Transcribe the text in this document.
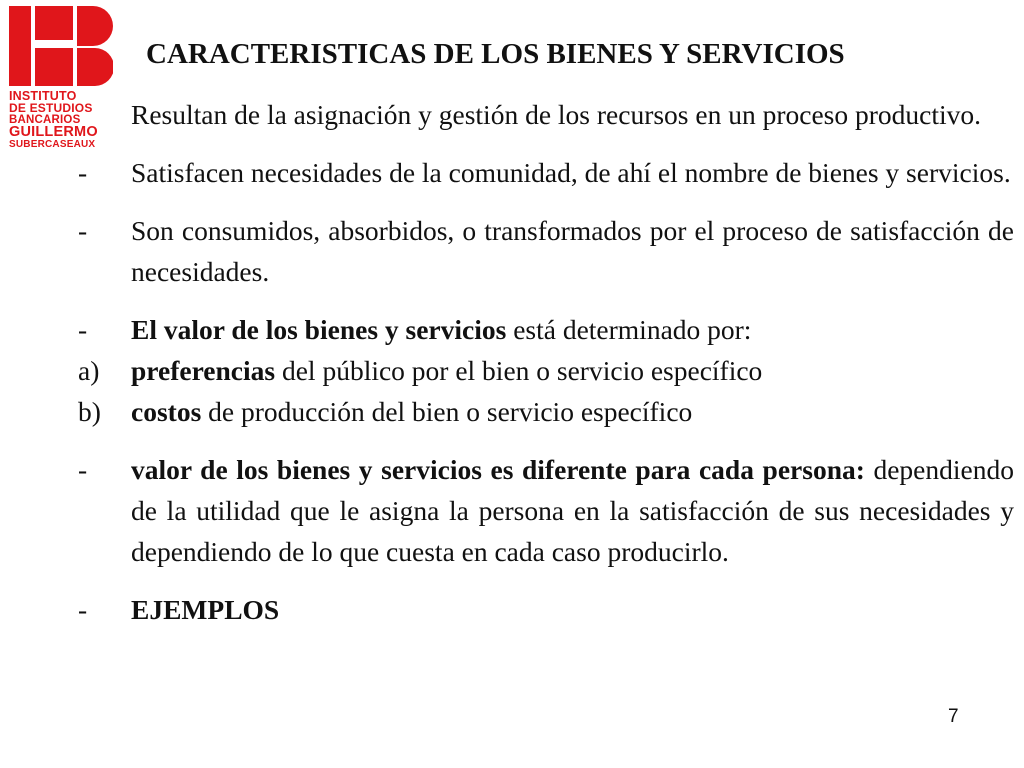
INSTITUTO
DE ESTUDIOS
BANCARIOS
GUILLERMO
SUBERCASEAUX
CARACTERISTICAS DE LOS BIENES Y SERVICIOS
Resultan de la asignación y gestión de los recursos en un proceso productivo.
- Satisfacen necesidades de la comunidad, de ahí el nombre de bienes y servicios.
- Son consumidos, absorbidos, o transformados por el proceso de satisfacción de necesidades.
- El valor de los bienes y servicios está determinado por:
a) preferencias del público por el bien o servicio específico
b) costos de producción del bien o servicio específico
- valor de los bienes y servicios es diferente para cada persona: dependiendo de la utilidad que le asigna la persona en la satisfacción de sus necesidades y dependiendo de lo que cuesta en cada caso producirlo.
- EJEMPLOS
7
